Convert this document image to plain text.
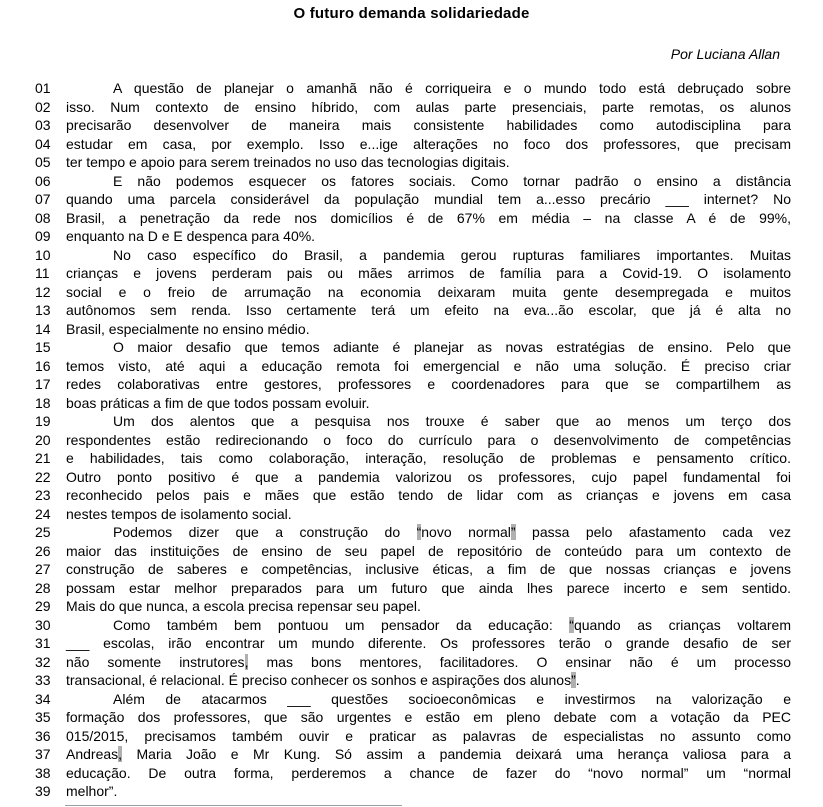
O futuro demanda solidariedade
Por Luciana Allan
01	A questão de planejar o amanhã não é corriqueira e o mundo todo está debruçado sobre
02	isso. Num contexto de ensino híbrido, com aulas parte presenciais, parte remotas, os alunos
03	precisarão desenvolver de maneira mais consistente habilidades como autodisciplina para
04	estudar em casa, por exemplo. Isso e...ige alterações no foco dos professores, que precisam
05	ter tempo e apoio para serem treinados no uso das tecnologias digitais.
06	E não podemos esquecer os fatores sociais. Como tornar padrão o ensino a distância
07	quando uma parcela considerável da população mundial tem a...esso precário ___ internet? No
08	Brasil, a penetração da rede nos domicílios é de 67% em média – na classe A é de 99%,
09	enquanto na D e E despenca para 40%.
10	No caso específico do Brasil, a pandemia gerou rupturas familiares importantes. Muitas
11	crianças e jovens perderam pais ou mães arrimos de família para a Covid-19. O isolamento
12	social e o freio de arrumação na economia deixaram muita gente desempregada e muitos
13	autônomos sem renda. Isso certamente terá um efeito na eva...ão escolar, que já é alta no
14	Brasil, especialmente no ensino médio.
15	O maior desafio que temos adiante é planejar as novas estratégias de ensino. Pelo que
16	temos visto, até aqui a educação remota foi emergencial e não uma solução. É preciso criar
17	redes colaborativas entre gestores, professores e coordenadores para que se compartilhem as
18	boas práticas a fim de que todos possam evoluir.
19	Um dos alentos que a pesquisa nos trouxe é saber que ao menos um terço dos
20	respondentes estão redirecionando o foco do currículo para o desenvolvimento de competências
21	e habilidades, tais como colaboração, interação, resolução de problemas e pensamento crítico.
22	Outro ponto positivo é que a pandemia valorizou os professores, cujo papel fundamental foi
23	reconhecido pelos pais e mães que estão tendo de lidar com as crianças e jovens em casa
24	nestes tempos de isolamento social.
25	Podemos dizer que a construção do “novo normal” passa pelo afastamento cada vez
26	maior das instituições de ensino de seu papel de repositório de conteúdo para um contexto de
27	construção de saberes e competências, inclusive éticas, a fim de que nossas crianças e jovens
28	possam estar melhor preparados para um futuro que ainda lhes parece incerto e sem sentido.
29	Mais do que nunca, a escola precisa repensar seu papel.
30	Como também bem pontuou um pensador da educação: “quando as crianças voltarem
31	___ escolas, irão encontrar um mundo diferente. Os professores terão o grande desafio de ser
32	não somente instrutores, mas bons mentores, facilitadores. O ensinar não é um processo
33	transacional, é relacional. É preciso conhecer os sonhos e aspirações dos alunos”.
34	Além de atacarmos ___ questões socioeconômicas e investirmos na valorização e
35	formação dos professores, que são urgentes e estão em pleno debate com a votação da PEC
36	015/2015, precisamos também ouvir e praticar as palavras de especialistas no assunto como
37	Andreas, Maria João e Mr Kung. Só assim a pandemia deixará uma herança valiosa para a
38	educação. De outra forma, perderemos a chance de fazer do “novo normal” um “normal
39	melhor”.
